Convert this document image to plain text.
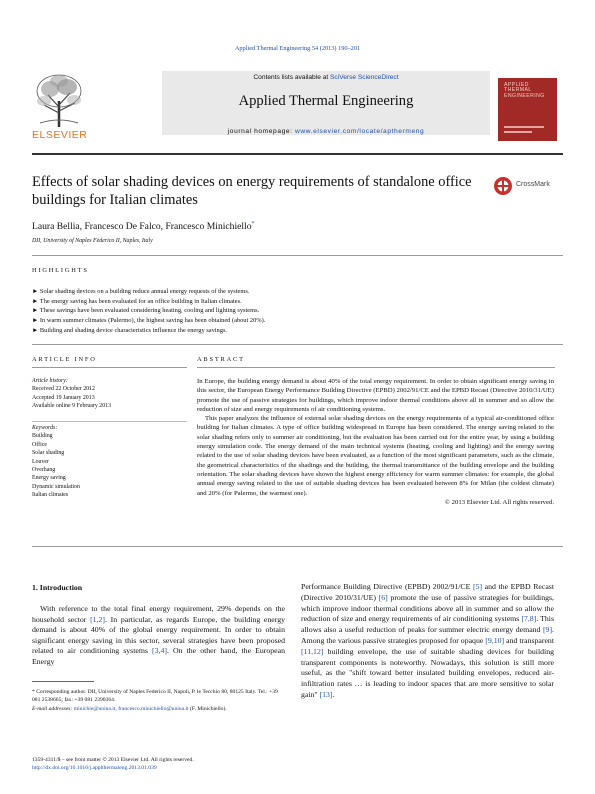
Applied Thermal Engineering 54 (2013) 190–201
ELSEVIER
Contents lists available at SciVerse ScienceDirect
Applied Thermal Engineering
journal homepage: www.elsevier.com/locate/apthermeng
APPLIED THERMAL ENGINEERING
Effects of solar shading devices on energy requirements of standalone office buildings for Italian climates
CrossMark
Laura Bellia, Francesco De Falco, Francesco Minichiello*
DII, University of Naples Federico II, Naples, Italy
HIGHLIGHTS
► Solar shading devices on a building reduce annual energy requests of the systems.
► The energy saving has been evaluated for an office building in Italian climates.
► These savings have been evaluated considering heating, cooling and lighting systems.
► In warm summer climates (Palermo), the highest saving has been obtained (about 20%).
► Building and shading device characteristics influence the energy savings.
ARTICLE INFO	ABSTRACT
Article history:
Received 22 October 2012
Accepted 19 January 2013
Available online 9 February 2013
Keywords:
Building
Office
Solar shading
Louver
Overhang
Energy saving
Dynamic simulation
Italian climates

In Europe, the building energy demand is about 40% of the total energy requirement. In order to obtain significant energy saving in this sector, the European Energy Performance Building Directive (EPBD) 2002/91/CE and the EPBD Recast (Directive 2010/31/UE) promote the use of passive strategies for buildings, which improve indoor thermal conditions above all in summer and so allow the reduction of size and energy requirements of air conditioning systems.

This paper analyzes the influence of external solar shading devices on the energy requirements of a typical air-conditioned office building for Italian climates. A type of office building widespread in Europe has been considered. The energy saving related to the solar shading refers only to summer air conditioning, but the evaluation has been carried out for the entire year, by using a building energy simulation code. The energy demand of the main technical systems (heating, cooling and lighting) and the energy saving related to the use of solar shading devices have been evaluated, as a function of the most significant parameters, such as the climate, the geometrical characteristics of the shadings and the building, the thermal transmittance of the building envelope and the building orientation. The solar shading devices have shown the highest energy efficiency for warm summer climates: for example, the global annual energy saving related to the use of suitable shading devices has been evaluated between 8% for Milan (the coldest climate) and 20% (for Palermo, the warmest one).

© 2013 Elsevier Ltd. All rights reserved.

1. Introduction

With reference to the total final energy requirement, 29% depends on the household sector [1,2]. In particular, as regards Europe, the building energy demand is about 40% of the global energy requirement. In order to obtain significant energy saving in this sector, several strategies have been proposed related to air conditioning systems [3,4]. On the other hand, the European Energy

Performance Building Directive (EPBD) 2002/91/CE [5] and the EPBD Recast (Directive 2010/31/UE) [6] promote the use of passive strategies for buildings, which improve indoor thermal conditions above all in summer and so allow the reduction of size and energy requirements of air conditioning systems [7,8]. This allows also a useful reduction of peaks for summer electric energy demand [9]. Among the various passive strategies proposed for opaque [9,10] and transparent [11,12] building envelope, the use of suitable shading devices for building transparent components is noteworthy. Nowadays, this solution is still more useful, as the "shift toward better insulated building envelopes, reduced air-infiltration rates … is leading to indoor spaces that are more sensitive to solar gain" [13].

* Corresponding author. DII, University of Naples Federico II, Napoli, P. le Tecchio 80, 80125 Italy. Tel.: +39 081 2538665; fax: +39 081 2390364.
E-mail addresses: minichie@unina.it, francesco.minichiello@unina.it (F. Minichiello).
1359-4311/$ – see front matter © 2013 Elsevier Ltd. All rights reserved.
http://dx.doi.org/10.1016/j.applthermaleng.2013.01.039
